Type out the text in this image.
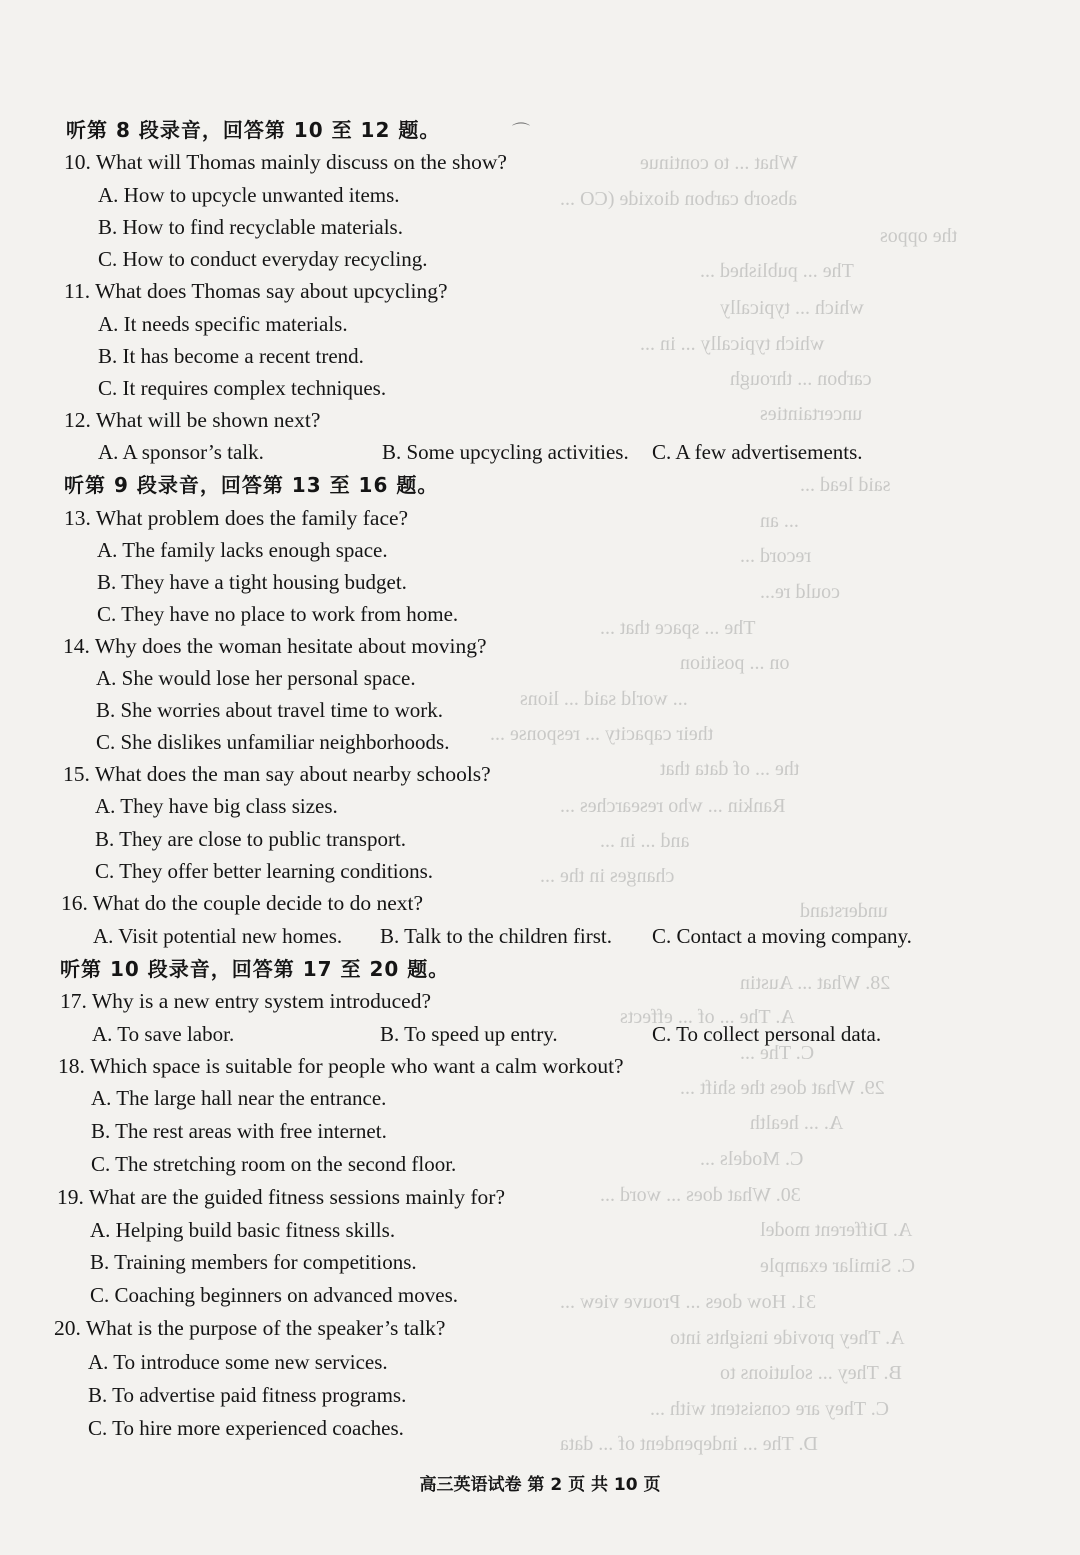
What ... to continue
absorb carbon dioxide (CO ...
the oppos
The ... published ...
which ... typically
which typically ... in ...
carbon ... through
uncertainties
said lead ...
... an
record ...
could re...
The ... space that ...
on ... position
... world said ... lions
their capacity ... response ...
the ... of data that
Rankin ... who researches ...
and ... in ...
changes in the ...
understand
28. What ... Austin
A. The ... of ... effects
C. The ...
29. What does the shift ...
A. ... health
C. Models ...
30. What does ... word ...
A. Different model
C. Similar example
31. How does ... Prouve view ...
A. They provide insights into
B. They ... solutions to
C. They are consistent with ...
D. The ... independent of ... data
⌒
听第 8 段录音，回答第 10 至 12 题。
10. What will Thomas mainly discuss on the show?
A. How to upcycle unwanted items.
B. How to find recyclable materials.
C. How to conduct everyday recycling.
11. What does Thomas say about upcycling?
A. It needs specific materials.
B. It has become a recent trend.
C. It requires complex techniques.
12. What will be shown next?
A. A sponsor’s talk.	B. Some upcycling activities. C. A few advertisements.
听第 9 段录音，回答第 13 至 16 题。
13. What problem does the family face?
A. The family lacks enough space.
B. They have a tight housing budget.
C. They have no place to work from home.
14. Why does the woman hesitate about moving?
A. She would lose her personal space.
B. She worries about travel time to work.
C. She dislikes unfamiliar neighborhoods.
15. What does the man say about nearby schools?
A. They have big class sizes.
B. They are close to public transport.
C. They offer better learning conditions.
16. What do the couple decide to do next?
A. Visit potential new homes. B. Talk to the children first. C. Contact a moving company.
听第 10 段录音，回答第 17 至 20 题。
17. Why is a new entry system introduced?
A. To save labor.	B. To speed up entry.	C. To collect personal data.
18. Which space is suitable for people who want a calm workout?
A. The large hall near the entrance.
B. The rest areas with free internet.
C. The stretching room on the second floor.
19. What are the guided fitness sessions mainly for?
A. Helping build basic fitness skills.
B. Training members for competitions.
C. Coaching beginners on advanced moves.
20. What is the purpose of the speaker’s talk?
A. To introduce some new services.
B. To advertise paid fitness programs.
C. To hire more experienced coaches.
高三英语试卷 第 2 页 共 10 页
